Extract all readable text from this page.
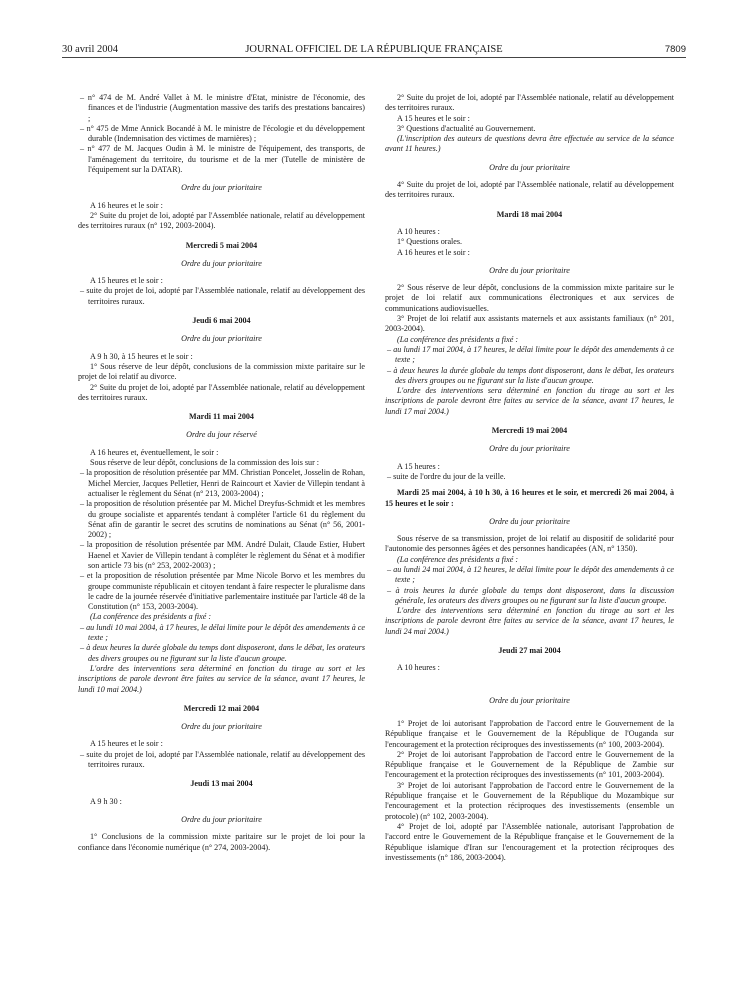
30 avril 2004	JOURNAL OFFICIEL DE LA RÉPUBLIQUE FRANÇAISE	7809

– n° 474 de M. André Vallet à M. le ministre d'Etat, ministre de l'économie, des finances et de l'industrie (Augmentation massive des tarifs des prestations bancaires) ;

– n° 475 de Mme Annick Bocandé à M. le ministre de l'écologie et du développement durable (Indemnisation des victimes de marnières) ;

– n° 477 de M. Jacques Oudin à M. le ministre de l'équipement, des transports, de l'aménagement du territoire, du tourisme et de la mer (Tutelle de ministère de l'équipement sur la DATAR).

Ordre du jour prioritaire

A 16 heures et le soir :

2° Suite du projet de loi, adopté par l'Assemblée nationale, relatif au développement des territoires ruraux (n° 192, 2003-2004).

Mercredi 5 mai 2004

Ordre du jour prioritaire

A 15 heures et le soir :

– suite du projet de loi, adopté par l'Assemblée nationale, relatif au développement des territoires ruraux.

Jeudi 6 mai 2004

Ordre du jour prioritaire

A 9 h 30, à 15 heures et le soir :

1° Sous réserve de leur dépôt, conclusions de la commission mixte paritaire sur le projet de loi relatif au divorce.

2° Suite du projet de loi, adopté par l'Assemblée nationale, relatif au développement des territoires ruraux.

Mardi 11 mai 2004

Ordre du jour réservé

A 16 heures et, éventuellement, le soir :

Sous réserve de leur dépôt, conclusions de la commission des lois sur :

– la proposition de résolution présentée par MM. Christian Poncelet, Josselin de Rohan, Michel Mercier, Jacques Pelletier, Henri de Raincourt et Xavier de Villepin tendant à actualiser le règlement du Sénat (n° 213, 2003-2004) ;

– la proposition de résolution présentée par M. Michel Dreyfus-Schmidt et les membres du groupe socialiste et apparentés tendant à compléter l'article 61 du règlement du Sénat afin de garantir le secret des scrutins de nominations au Sénat (n° 56, 2001-2002) ;

– la proposition de résolution présentée par MM. André Dulait, Claude Estier, Hubert Haenel et Xavier de Villepin tendant à compléter le règlement du Sénat et à modifier son article 73 bis (n° 253, 2002-2003) ;

– et la proposition de résolution présentée par Mme Nicole Borvo et les membres du groupe communiste républicain et citoyen tendant à faire respecter le pluralisme dans le cadre de la journée réservée d'initiative parlementaire instituée par l'article 48 de la Constitution (n° 153, 2003-2004).

(La conférence des présidents a fixé :

– au lundi 10 mai 2004, à 17 heures, le délai limite pour le dépôt des amendements à ce texte ;

– à deux heures la durée globale du temps dont disposeront, dans le débat, les orateurs des divers groupes ou ne figurant sur la liste d'aucun groupe.

L'ordre des interventions sera déterminé en fonction du tirage au sort et les inscriptions de parole devront être faites au service de la séance, avant 17 heures, le lundi 10 mai 2004.)

Mercredi 12 mai 2004

Ordre du jour prioritaire

A 15 heures et le soir :

– suite du projet de loi, adopté par l'Assemblée nationale, relatif au développement des territoires ruraux.

Jeudi 13 mai 2004

A 9 h 30 :

Ordre du jour prioritaire

1° Conclusions de la commission mixte paritaire sur le projet de loi pour la confiance dans l'économie numérique (n° 274, 2003-2004).

2° Suite du projet de loi, adopté par l'Assemblée nationale, relatif au développement des territoires ruraux.

A 15 heures et le soir :

3° Questions d'actualité au Gouvernement.

(L'inscription des auteurs de questions devra être effectuée au service de la séance avant 11 heures.)

Ordre du jour prioritaire

4° Suite du projet de loi, adopté par l'Assemblée nationale, relatif au développement des territoires ruraux.

Mardi 18 mai 2004

A 10 heures :

1° Questions orales.

A 16 heures et le soir :

Ordre du jour prioritaire

2° Sous réserve de leur dépôt, conclusions de la commission mixte paritaire sur le projet de loi relatif aux communications électroniques et aux services de communications audiovisuelles.

3° Projet de loi relatif aux assistants maternels et aux assistants familiaux (n° 201, 2003-2004).

(La conférence des présidents a fixé :

– au lundi 17 mai 2004, à 17 heures, le délai limite pour le dépôt des amendements à ce texte ;

– à deux heures la durée globale du temps dont disposeront, dans le débat, les orateurs des divers groupes ou ne figurant sur la liste d'aucun groupe.

L'ordre des interventions sera déterminé en fonction du tirage au sort et les inscriptions de parole devront être faites au service de la séance, avant 17 heures, le lundi 17 mai 2004.)

Mercredi 19 mai 2004

Ordre du jour prioritaire

A 15 heures :

– suite de l'ordre du jour de la veille.

Mardi 25 mai 2004, à 10 h 30, à 16 heures et le soir, et mercredi 26 mai 2004, à 15 heures et le soir :

Ordre du jour prioritaire

Sous réserve de sa transmission, projet de loi relatif au dispositif de solidarité pour l'autonomie des personnes âgées et des personnes handicapées (AN, n° 1350).

(La conférence des présidents a fixé :

– au lundi 24 mai 2004, à 12 heures, le délai limite pour le dépôt des amendements à ce texte ;

– à trois heures la durée globale du temps dont disposeront, dans la discussion générale, les orateurs des divers groupes ou ne figurant sur la liste d'aucun groupe.

L'ordre des interventions sera déterminé en fonction du tirage au sort et les inscriptions de parole devront être faites au service de la séance, avant 17 heures, le lundi 24 mai 2004.)

Jeudi 27 mai 2004

A 10 heures :

Ordre du jour prioritaire

1° Projet de loi autorisant l'approbation de l'accord entre le Gouvernement de la République française et le Gouvernement de la République de l'Ouganda sur l'encouragement et la protection réciproques des investissements (n° 100, 2003-2004).

2° Projet de loi autorisant l'approbation de l'accord entre le Gouvernement de la République française et le Gouvernement de la République de Zambie sur l'encouragement et la protection réciproques des investissements (n° 101, 2003-2004).

3° Projet de loi autorisant l'approbation de l'accord entre le Gouvernement de la République française et le Gouvernement de la République du Mozambique sur l'encouragement et la protection réciproques des investissements (ensemble un protocole) (n° 102, 2003-2004).

4° Projet de loi, adopté par l'Assemblée nationale, autorisant l'approbation de l'accord entre le Gouvernement de la République française et le Gouvernement de la République islamique d'Iran sur l'encouragement et la protection réciproques des investissements (n° 186, 2003-2004).
